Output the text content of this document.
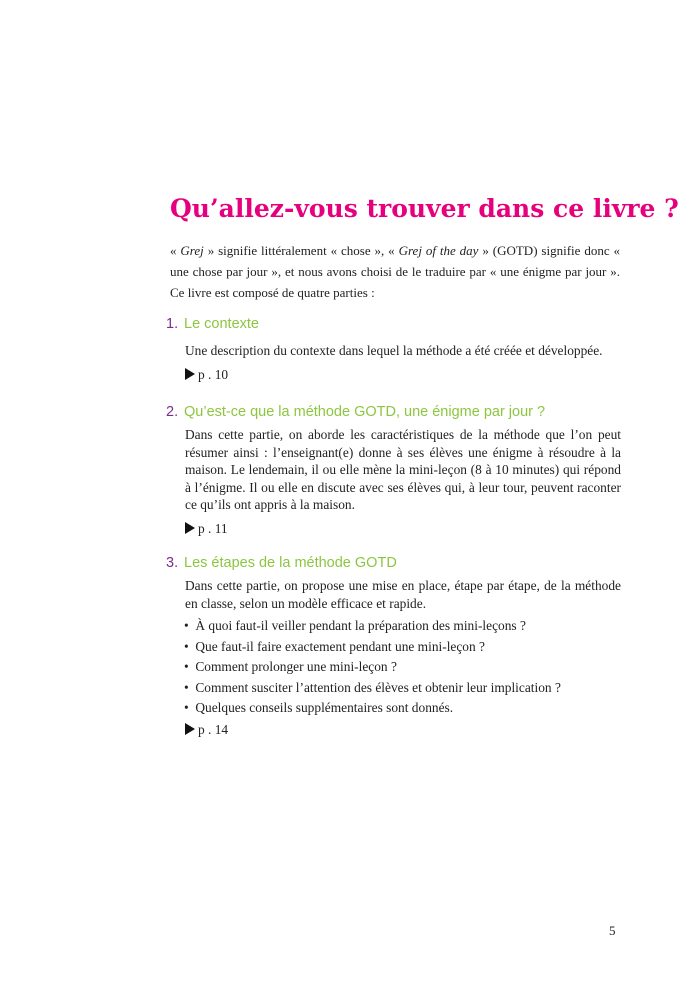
Qu’allez-vous trouver dans ce livre ?

« Grej » signifie littéralement « chose », « Grej of the day » (GOTD) signifie donc « une chose par jour », et nous avons choisi de le traduire par « une énigme par jour ». Ce livre est composé de quatre parties :

1. Le contexte
Une description du contexte dans lequel la méthode a été créée et développée.
p . 10
2. Qu’est-ce que la méthode GOTD, une énigme par jour ?
Dans cette partie, on aborde les caractéristiques de la méthode que l’on peut résumer ainsi : l’enseignant(e) donne à ses élèves une énigme à résoudre à la maison. Le lendemain, il ou elle mène la mini-leçon (8 à 10 minutes) qui répond à l’énigme. Il ou elle en discute avec ses élèves qui, à leur tour, peuvent raconter ce qu’ils ont appris à la maison.
p . 11
3. Les étapes de la méthode GOTD
Dans cette partie, on propose une mise en place, étape par étape, de la méthode en classe, selon un modèle efficace et rapide.
• À quoi faut-il veiller pendant la préparation des mini-leçons ?
• Que faut-il faire exactement pendant une mini-leçon ?
• Comment prolonger une mini-leçon ?
• Comment susciter l’attention des élèves et obtenir leur implication ?
• Quelques conseils supplémentaires sont donnés.
p . 14
5
